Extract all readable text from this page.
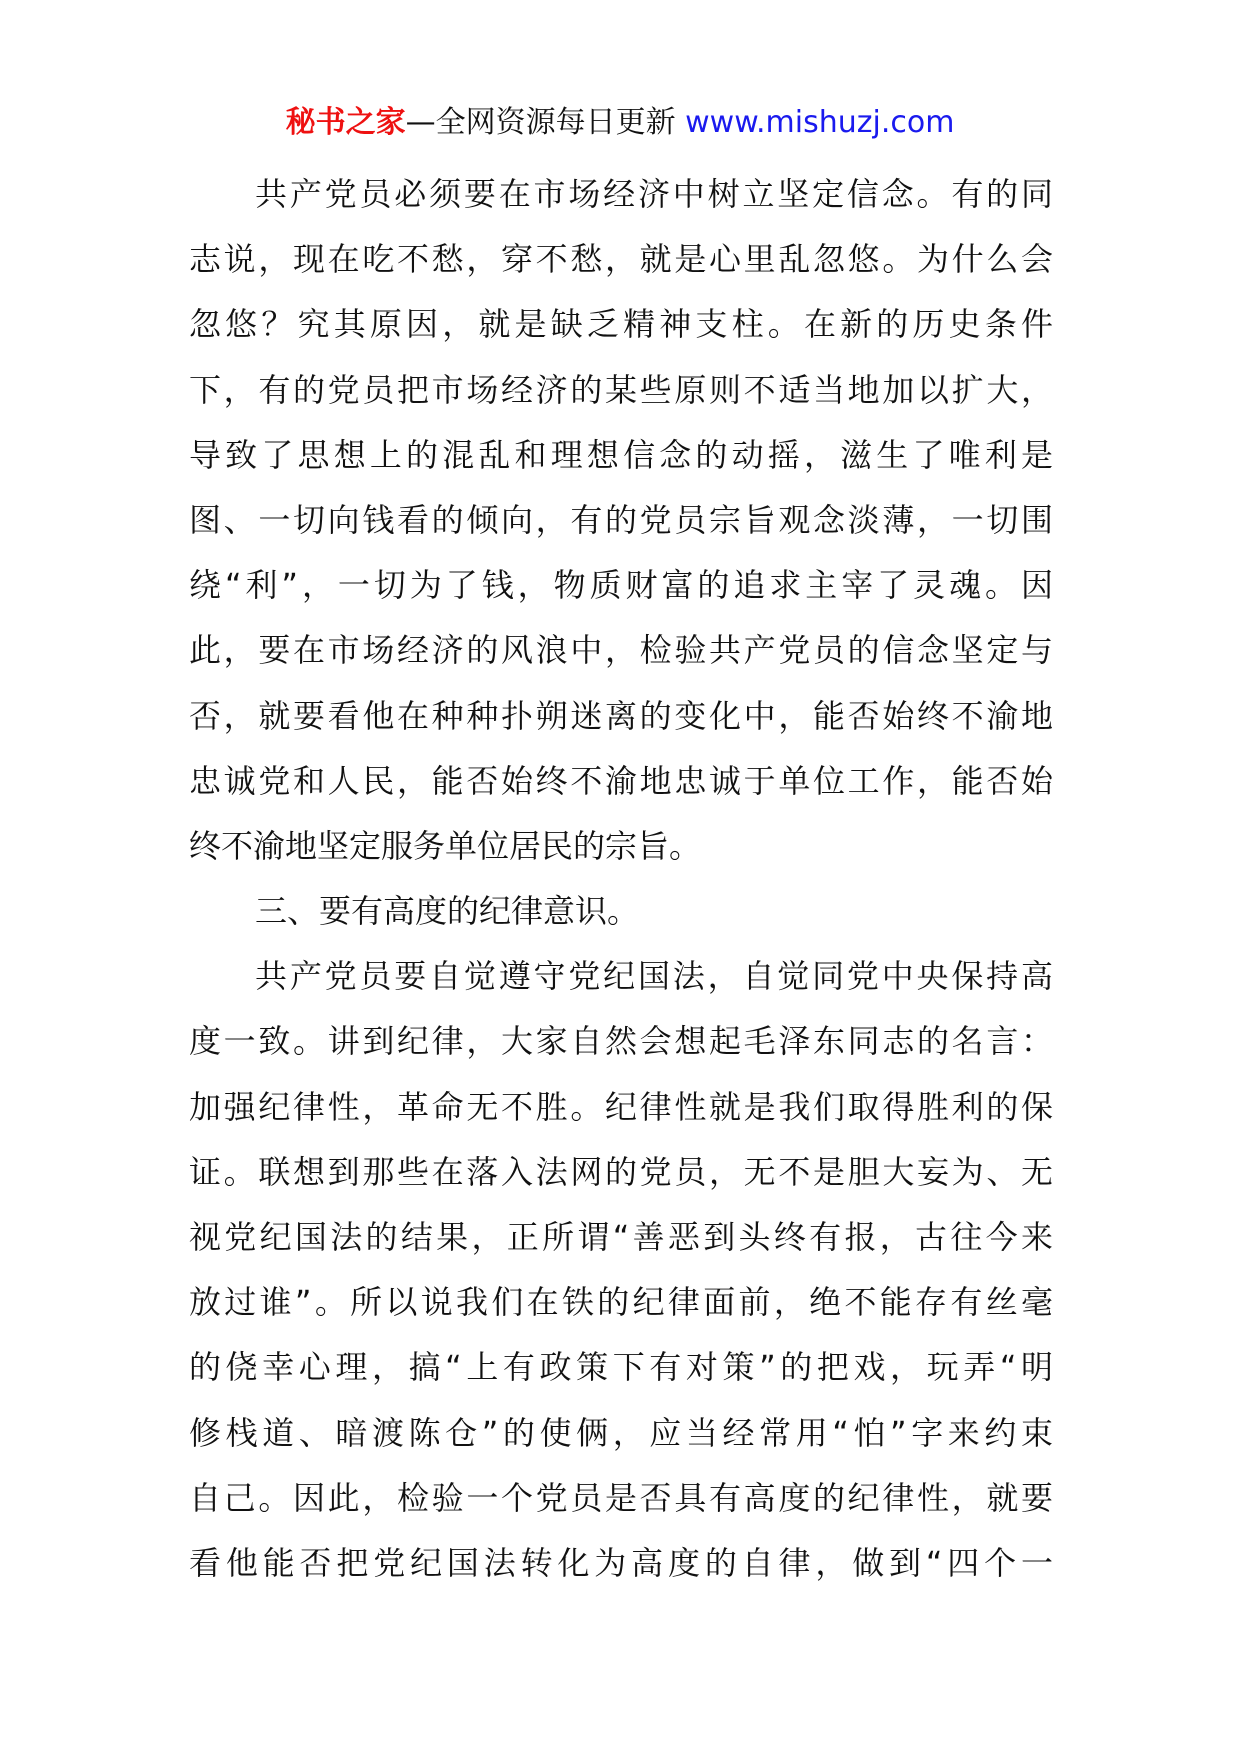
秘书之家—全网资源每日更新 www.mishuzj.com
共产党员必须要在市场经济中树立坚定信念。有的同
志说，现在吃不愁，穿不愁，就是心里乱忽悠。为什么会
忽悠？究其原因，就是缺乏精神支柱。在新的历史条件
下，有的党员把市场经济的某些原则不适当地加以扩大，
导致了思想上的混乱和理想信念的动摇，滋生了唯利是
图、一切向钱看的倾向，有的党员宗旨观念淡薄，一切围
绕“利”，一切为了钱，物质财富的追求主宰了灵魂。因
此，要在市场经济的风浪中，检验共产党员的信念坚定与
否，就要看他在种种扑朔迷离的变化中，能否始终不渝地
忠诚党和人民，能否始终不渝地忠诚于单位工作，能否始
终不渝地坚定服务单位居民的宗旨。
三、要有高度的纪律意识。
共产党员要自觉遵守党纪国法，自觉同党中央保持高
度一致。讲到纪律，大家自然会想起毛泽东同志的名言：
加强纪律性，革命无不胜。纪律性就是我们取得胜利的保
证。联想到那些在落入法网的党员，无不是胆大妄为、无
视党纪国法的结果，正所谓“善恶到头终有报，古往今来
放过谁”。所以说我们在铁的纪律面前，绝不能存有丝毫
的侥幸心理，搞“上有政策下有对策”的把戏，玩弄“明
修栈道、暗渡陈仓”的使俩，应当经常用“怕”字来约束
自己。因此，检验一个党员是否具有高度的纪律性，就要
看他能否把党纪国法转化为高度的自律，做到“四个一
